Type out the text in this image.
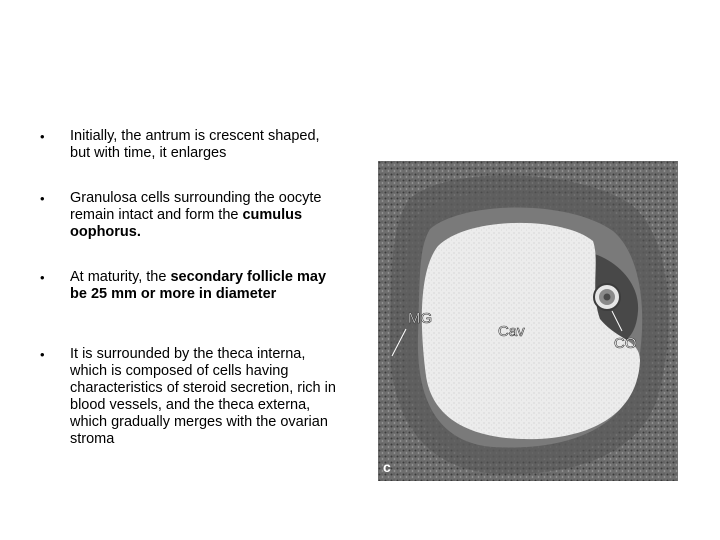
•	Initially, the antrum is crescent shaped, but with time, it enlarges
•	Granulosa cells surrounding the oocyte remain intact and form the cumulus oophorus.
•	At maturity, the secondary follicle may be 25 mm or more in diameter
•	It is surrounded by the theca interna, which is composed of cells having characteristics of steroid secretion, rich in blood vessels, and the theca externa, which gradually merges with the ovarian stroma
MG
Cav
CO
c
